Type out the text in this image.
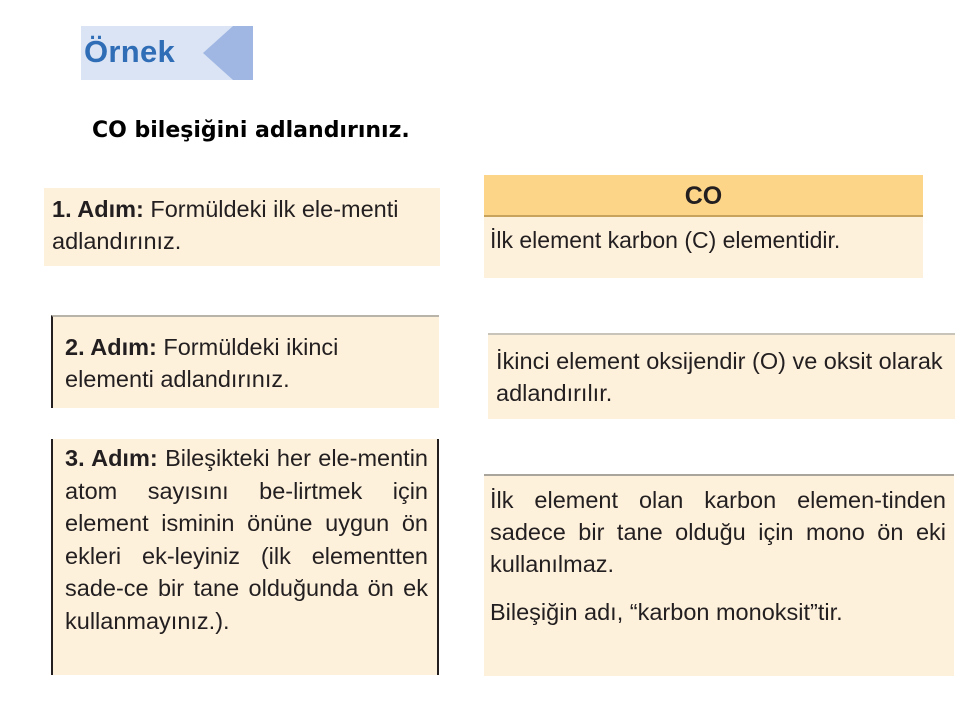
Örnek
CO bileşiğini adlandırınız.

1. Adım: Formüldeki ilk ele-menti adlandırınız.

2. Adım: Formüldeki ikinci elementi adlandırınız.

3. Adım: Bileşikteki her ele-mentin atom sayısını be-lirtmek için element isminin önüne uygun ön ekleri ek-leyiniz (ilk elementten sade-ce bir tane olduğunda ön ek kullanmayınız.).

CO
İlk element karbon (C) elementidir.

İkinci element oksijendir (O) ve oksit olarak adlandırılır.

İlk element olan karbon elemen-tinden sadece bir tane olduğu için mono ön eki kullanılmaz.

Bileşiğin adı, “karbon monoksit”tir.
